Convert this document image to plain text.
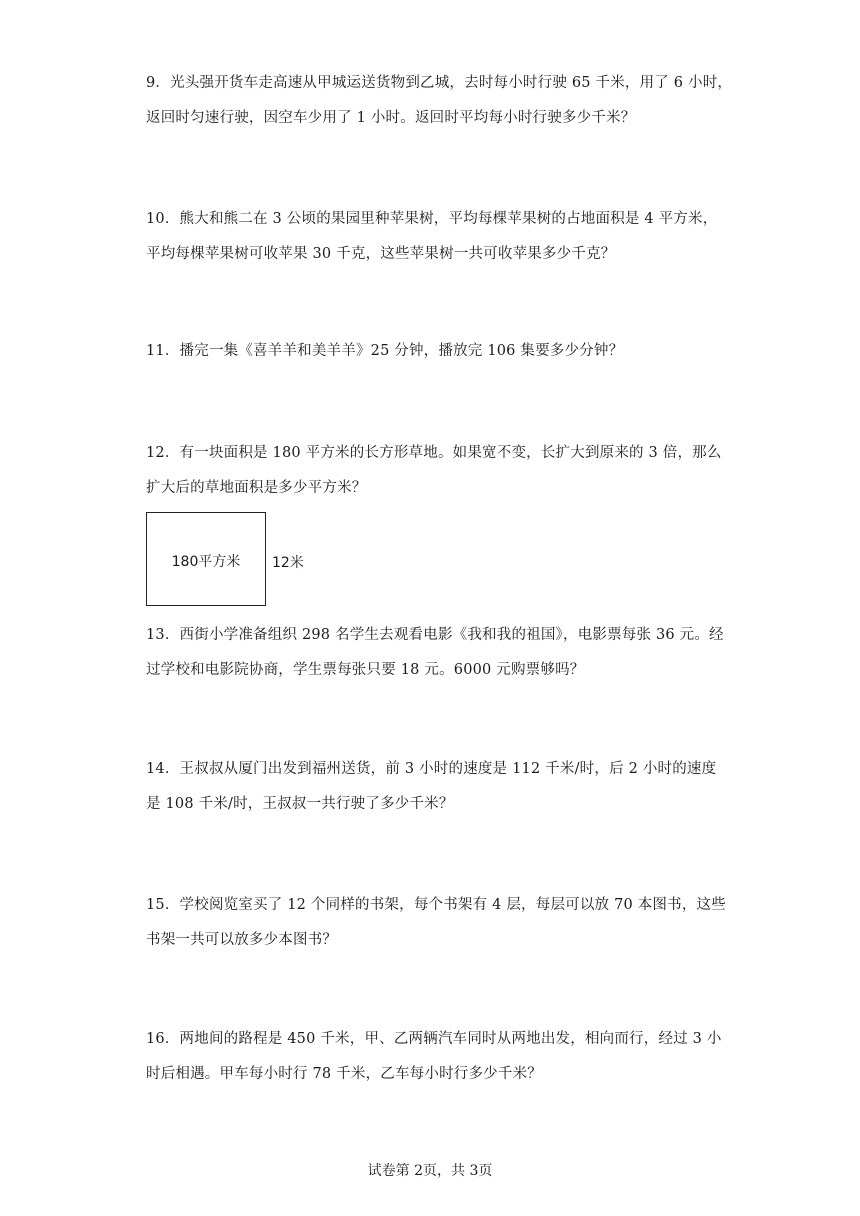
9．光头强开货车走高速从甲城运送货物到乙城，去时每小时行驶 65 千米，用了 6 小时，
返回时匀速行驶，因空车少用了 1 小时。返回时平均每小时行驶多少千米？
10．熊大和熊二在 3 公顷的果园里种苹果树，平均每棵苹果树的占地面积是 4 平方米，
平均每棵苹果树可收苹果 30 千克，这些苹果树一共可收苹果多少千克？
11．播完一集《喜羊羊和美羊羊》25 分钟，播放完 106 集要多少分钟？
12．有一块面积是 180 平方米的长方形草地。如果宽不变，长扩大到原来的 3 倍，那么
扩大后的草地面积是多少平方米？
180平方米	12米
13．西街小学准备组织 298 名学生去观看电影《我和我的祖国》，电影票每张 36 元。经
过学校和电影院协商，学生票每张只要 18 元。6000 元购票够吗？
14．王叔叔从厦门出发到福州送货，前 3 小时的速度是 112 千米/时，后 2 小时的速度
是 108 千米/时，王叔叔一共行驶了多少千米？
15．学校阅览室买了 12 个同样的书架，每个书架有 4 层，每层可以放 70 本图书，这些
书架一共可以放多少本图书？
16．两地间的路程是 450 千米，甲、乙两辆汽车同时从两地出发，相向而行，经过 3 小
时后相遇。甲车每小时行 78 千米，乙车每小时行多少千米？
试卷第 2页，共 3页
